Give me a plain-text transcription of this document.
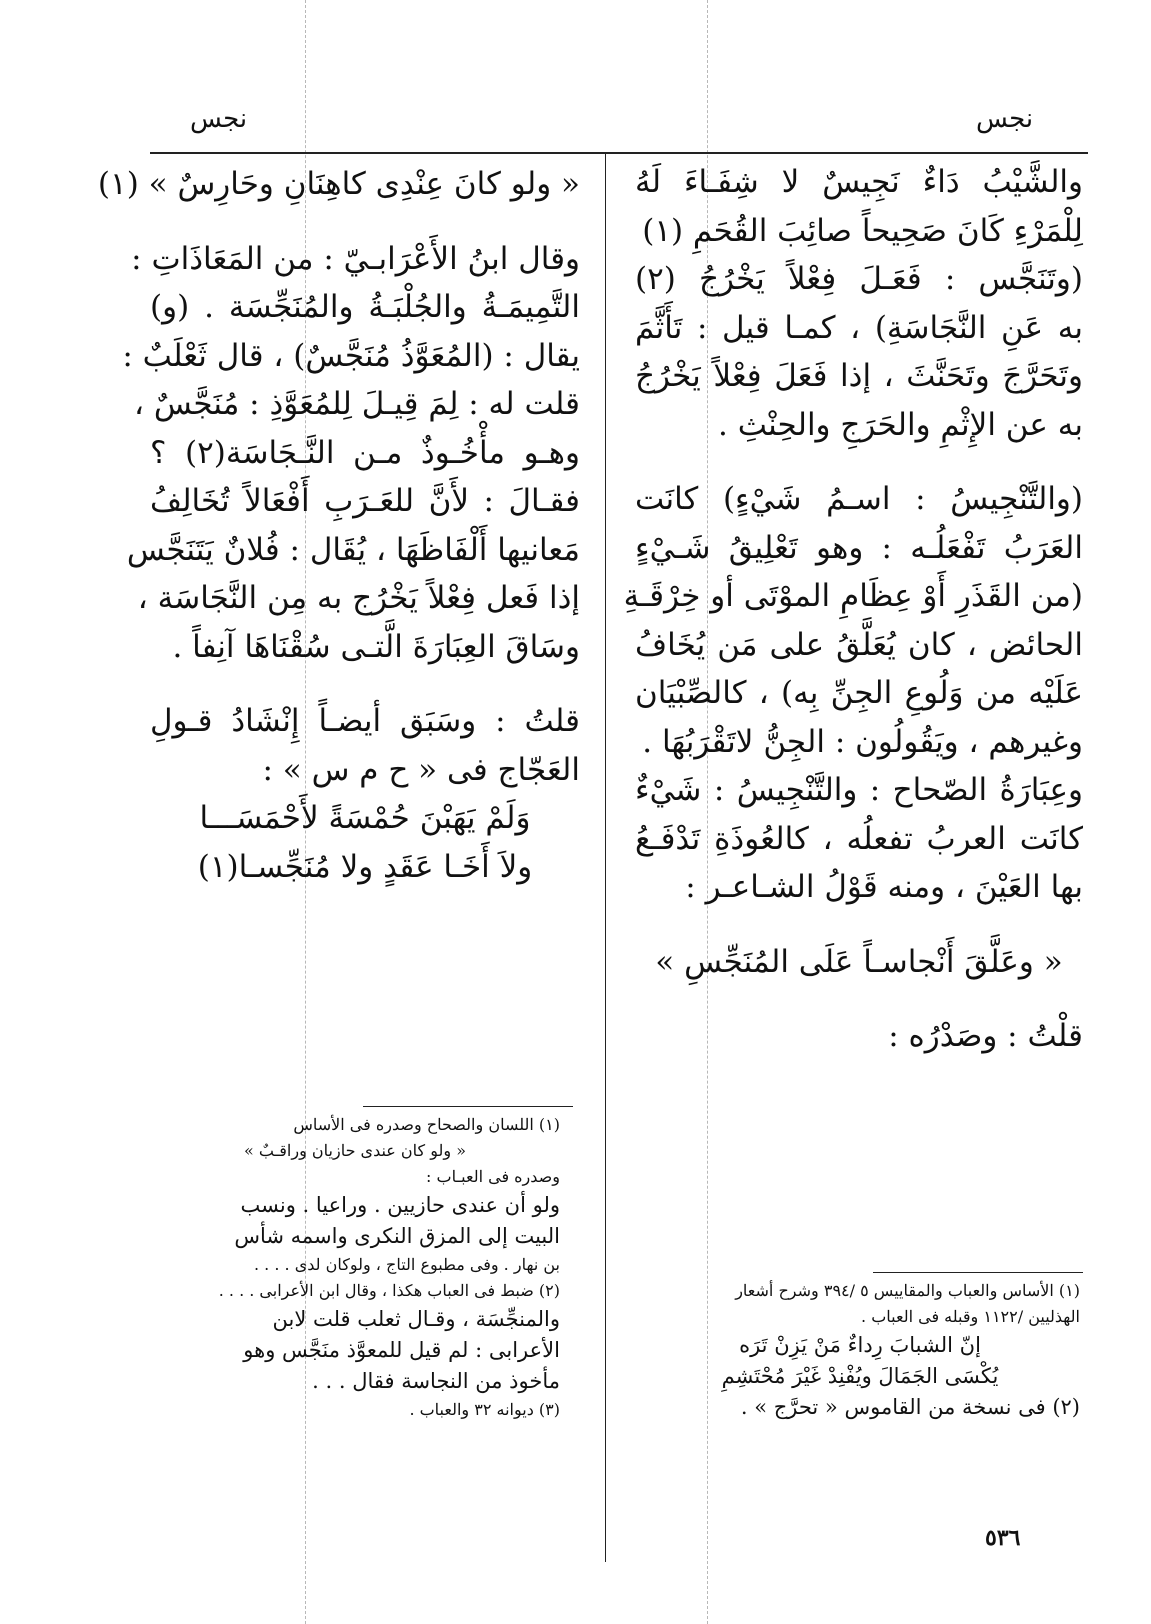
نجس	نجس
والشَّيْبُ دَاءٌ نَجِيسٌ لا شِفَـاءَ لَهُ
لِلْمَرْءِ كَانَ صَحِيحاً صائِبَ القُحَمِ (١)
(وتَنَجَّس : فَعَـلَ فِعْلاً يَخْرُجُ (٢)
به عَنِ النَّجَاسَةِ) ، كمـا قيل : تَأَثَّمَ
وتَحَرَّجَ وتَحَنَّثَ ، إذا فَعَلَ فِعْلاً يَخْرُجُ
به عن الإِثْمِ والحَرَجِ والحِنْثِ .
(والتَّنْجِيسُ : اسـمُ شَيْءٍ) كانَت
العَرَبُ تَفْعَلُـه : وهو تَعْلِيقُ شَـيْءٍ
(من القَذَرِ أَوْ عِظَامِ الموْتَى أو خِرْقَـةِ
الحائض ، كان يُعَلَّقُ على مَن يُخَافُ
عَلَيْه من وَلُوعِ الجِنِّ بِه) ، كالصِّبْيَان
وغيرهم ، ويَقُولُون : الجِنُّ لاتَقْرَبُهَا .
وعِبَارَةُ الصّحاح : والتَّنْجِيسُ : شَيْءٌ
كانَت العربُ تفعلُه ، كالعُوذَةِ تَدْفَـعُ
بها العَيْنَ ، ومنه قَوْلُ الشـاعـر :
« وعَلَّقَ أَنْجاسـاً عَلَى المُنَجِّسِ »
قلْتُ : وصَدْرُه :
« ولو كانَ عِنْدِى كاهِنَانِ وحَارِسٌ » (١)
وقال ابنُ الأَعْرَابـيّ : من المَعَاذَاتِ :
التَّمِيمَـةُ والجُلْبَـةُ والمُنَجِّسَة . (و)
يقال : (المُعَوَّذُ مُنَجَّسٌ) ، قال ثَعْلَبٌ :
قلت له : لِمَ قِيـلَ لِلمُعَوَّذِ : مُنَجَّسٌ ،
وهـو مأْخُـوذٌ مـن النَّـجَاسَة(٢) ؟
فقـالَ : لأَنَّ للعَـرَبِ أَفْعَالاً تُخَالِفُ
مَعانيها أَلْفَاظَهَا ، يُقَال : فُلانٌ يَتَنَجَّس
إذا فَعل فِعْلاً يَخْرُج به مِن النَّجَاسَة ،
وسَاقَ العِبَارَةَ الَّتـى سُقْنَاهَا آنِفاً .
قلتُ : وسَبَق أيضـاً إِنْشَادُ قـولِ
العَجّاج فى « ح م س » :
وَلَمْ يَهَبْنَ حُمْسَةً لأَحْمَسَـــا
ولاَ أَخَـا عَقَدٍ ولا مُنَجِّسـا(١)
(١) اللسان والصحاح وصدره فى الأساس
« ولو كان عندى حازيان وراقـبٌ »
وصدره فى العبـاب :
ولو أن عندى حازيين . وراعيا . ونسب
البيت إلى المزق النكرى واسمه شأس
بن نهار . وفى مطبوع التاج ، ولوكان لدى . . . .
(٢) ضبط فى العباب هكذا ، وقال ابن الأعرابى . . . .
والمنجِّسَة ، وقـال ثعلب قلت لابن
الأعرابى : لم قيل للمعوَّذ منَجَّس وهو
مأخوذ من النجاسة فقال . . .
(٣) ديوانه ٣٢ والعباب .
(١) الأساس والعباب والمقاييس ٥ /٣٩٤ وشرح أشعار
الهذليين /١١٢٢ وقبله فى العباب .
إنّ الشبابَ رِداءٌ مَنْ يَزِنْ تَرَه
يُكْسَى الجَمَالَ ويُفْنِدْ غَيْرَ مُحْتَشِمِ
(٢) فى نسخة من القاموس « تحرَّج » .
٥٣٦
